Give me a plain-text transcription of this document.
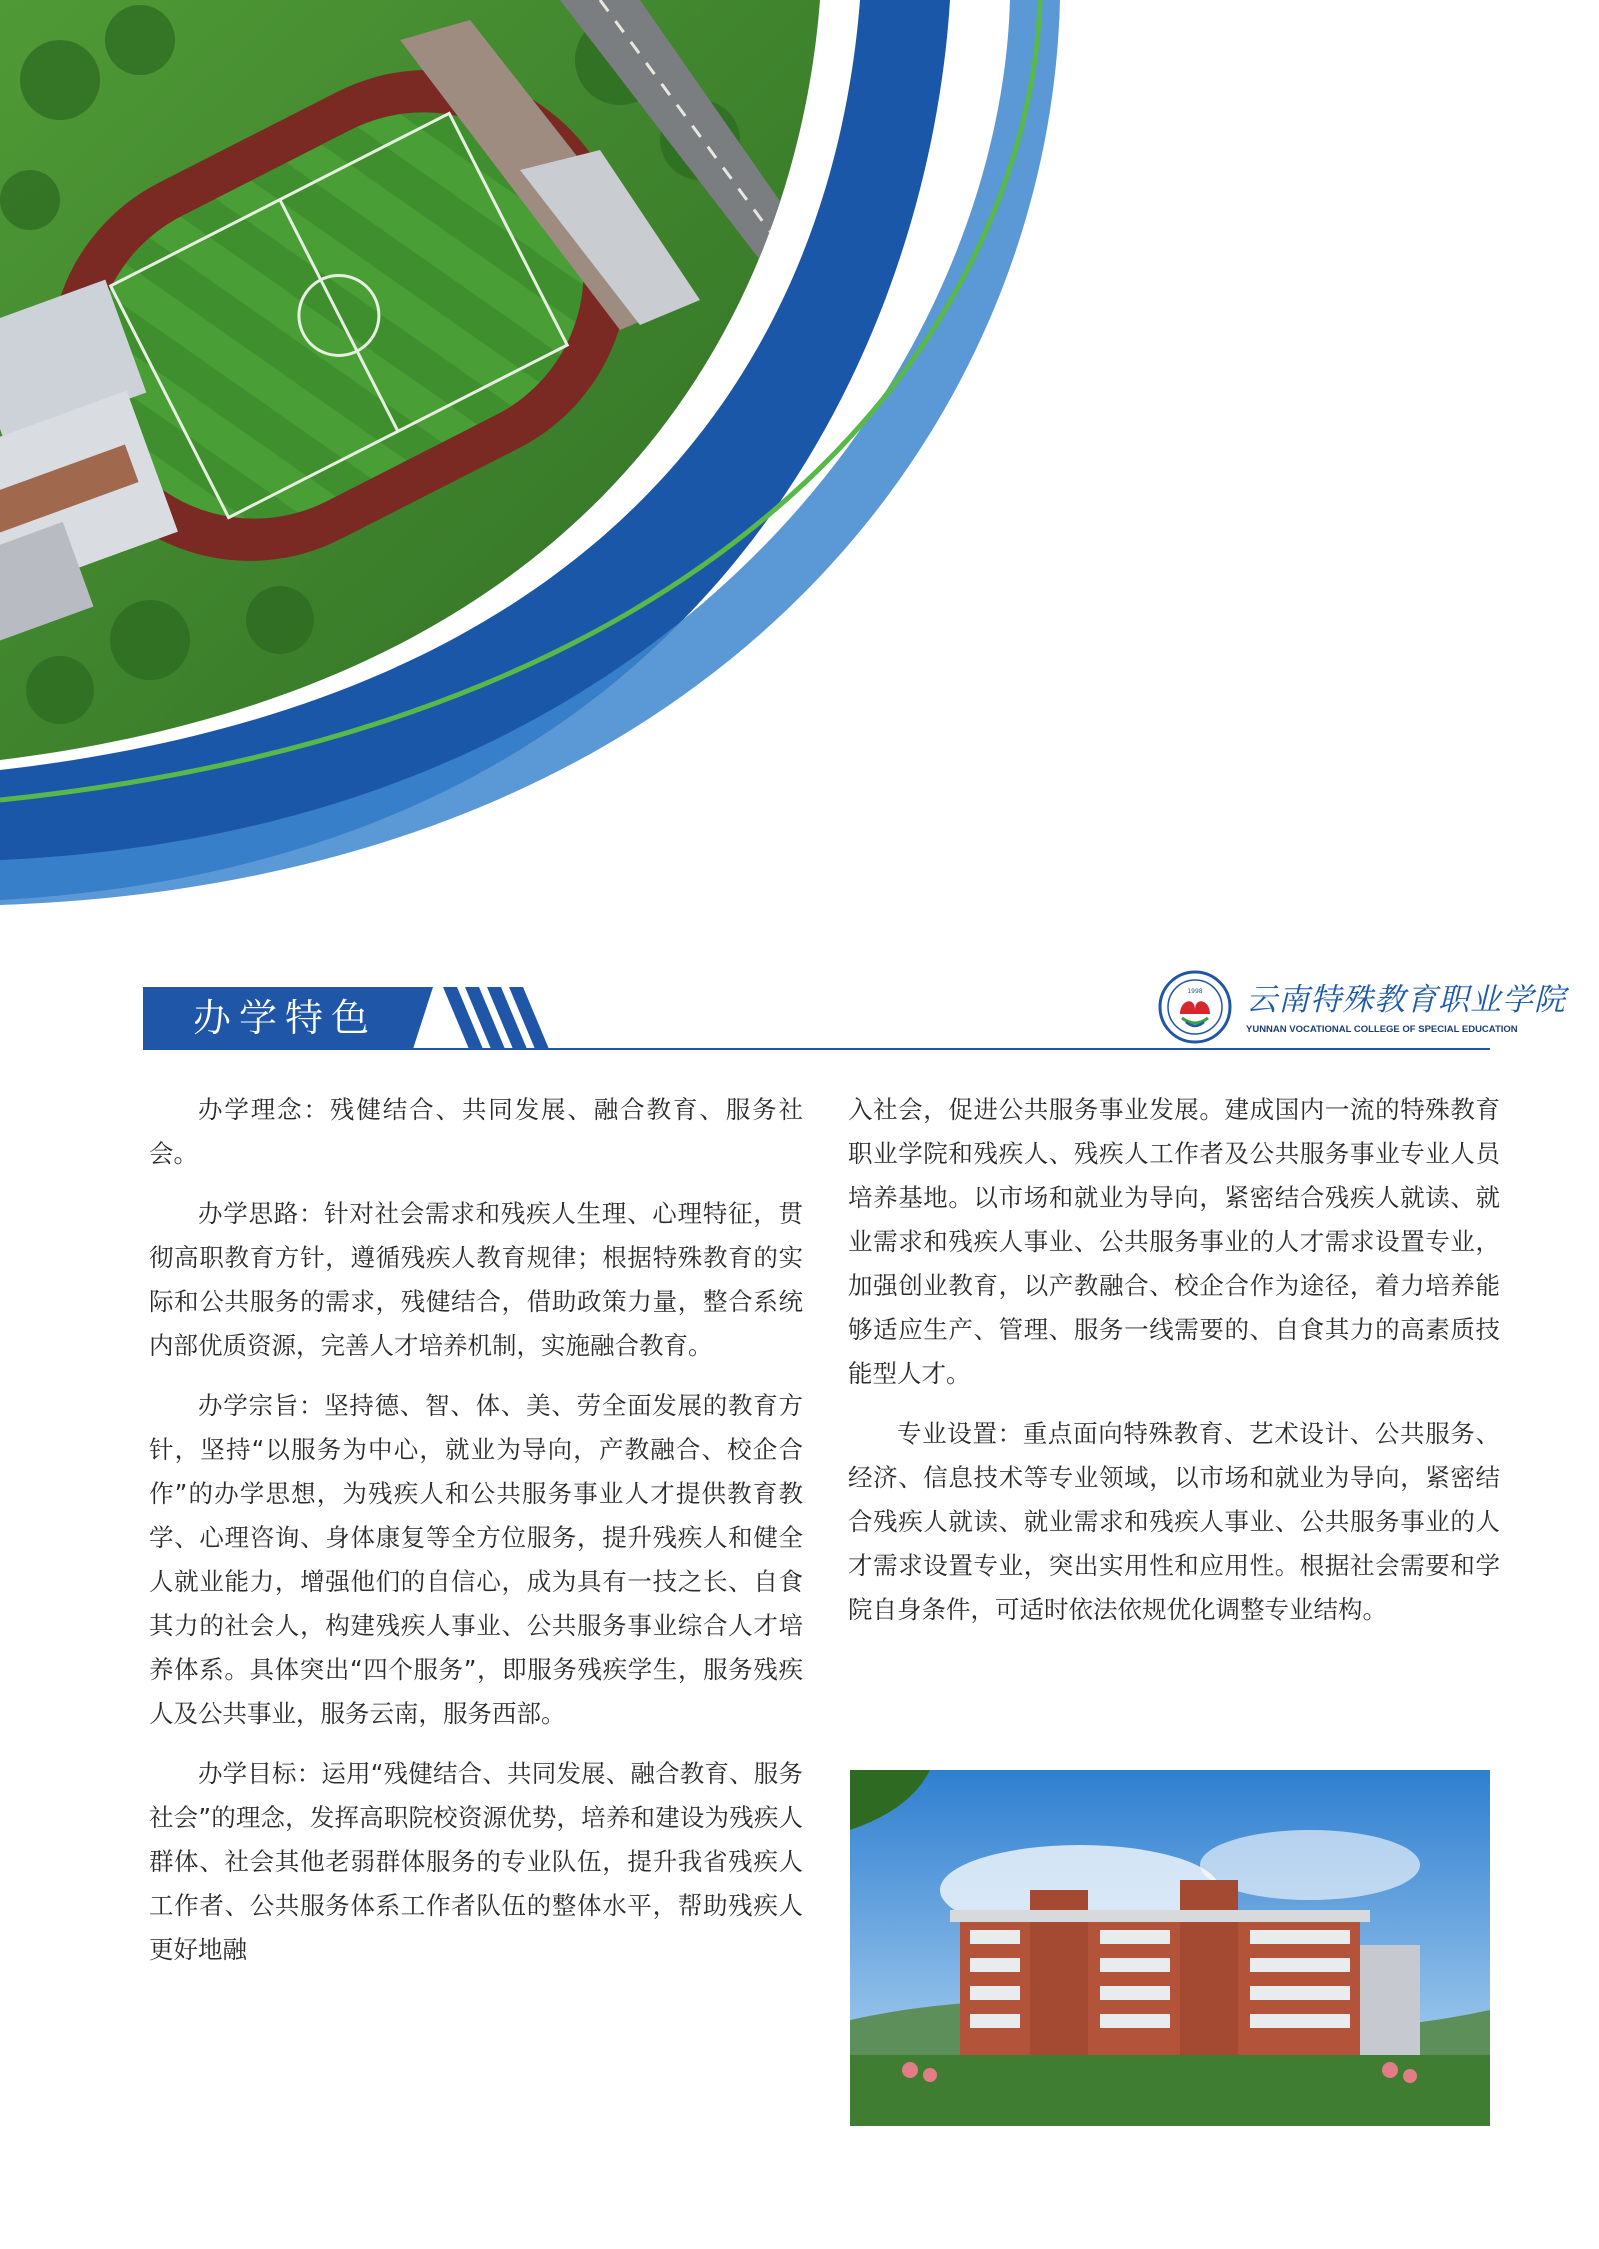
办学特色
1998 云南特殊教育职业学院
YUNNAN VOCATIONAL COLLEGE OF SPECIAL EDUCATION

办学理念：残健结合、共同发展、融合教育、服务社会。

办学思路：针对社会需求和残疾人生理、心理特征，贯彻高职教育方针，遵循残疾人教育规律；根据特殊教育的实际和公共服务的需求，残健结合，借助政策力量，整合系统内部优质资源，完善人才培养机制，实施融合教育。

办学宗旨：坚持德、智、体、美、劳全面发展的教育方针，坚持“以服务为中心，就业为导向，产教融合、校企合作”的办学思想，为残疾人和公共服务事业人才提供教育教学、心理咨询、身体康复等全方位服务，提升残疾人和健全人就业能力，增强他们的自信心，成为具有一技之长、自食其力的社会人，构建残疾人事业、公共服务事业综合人才培养体系。具体突出“四个服务”，即服务残疾学生，服务残疾人及公共事业，服务云南，服务西部。

办学目标：运用“残健结合、共同发展、融合教育、服务社会”的理念，发挥高职院校资源优势，培养和建设为残疾人群体、社会其他老弱群体服务的专业队伍，提升我省残疾人工作者、公共服务体系工作者队伍的整体水平，帮助残疾人更好地融

入社会，促进公共服务事业发展。建成国内一流的特殊教育职业学院和残疾人、残疾人工作者及公共服务事业专业人员培养基地。以市场和就业为导向，紧密结合残疾人就读、就业需求和残疾人事业、公共服务事业的人才需求设置专业，加强创业教育，以产教融合、校企合作为途径，着力培养能够适应生产、管理、服务一线需要的、自食其力的高素质技能型人才。

专业设置：重点面向特殊教育、艺术设计、公共服务、经济、信息技术等专业领域，以市场和就业为导向，紧密结合残疾人就读、就业需求和残疾人事业、公共服务事业的人才需求设置专业，突出实用性和应用性。根据社会需要和学院自身条件，可适时依法依规优化调整专业结构。
